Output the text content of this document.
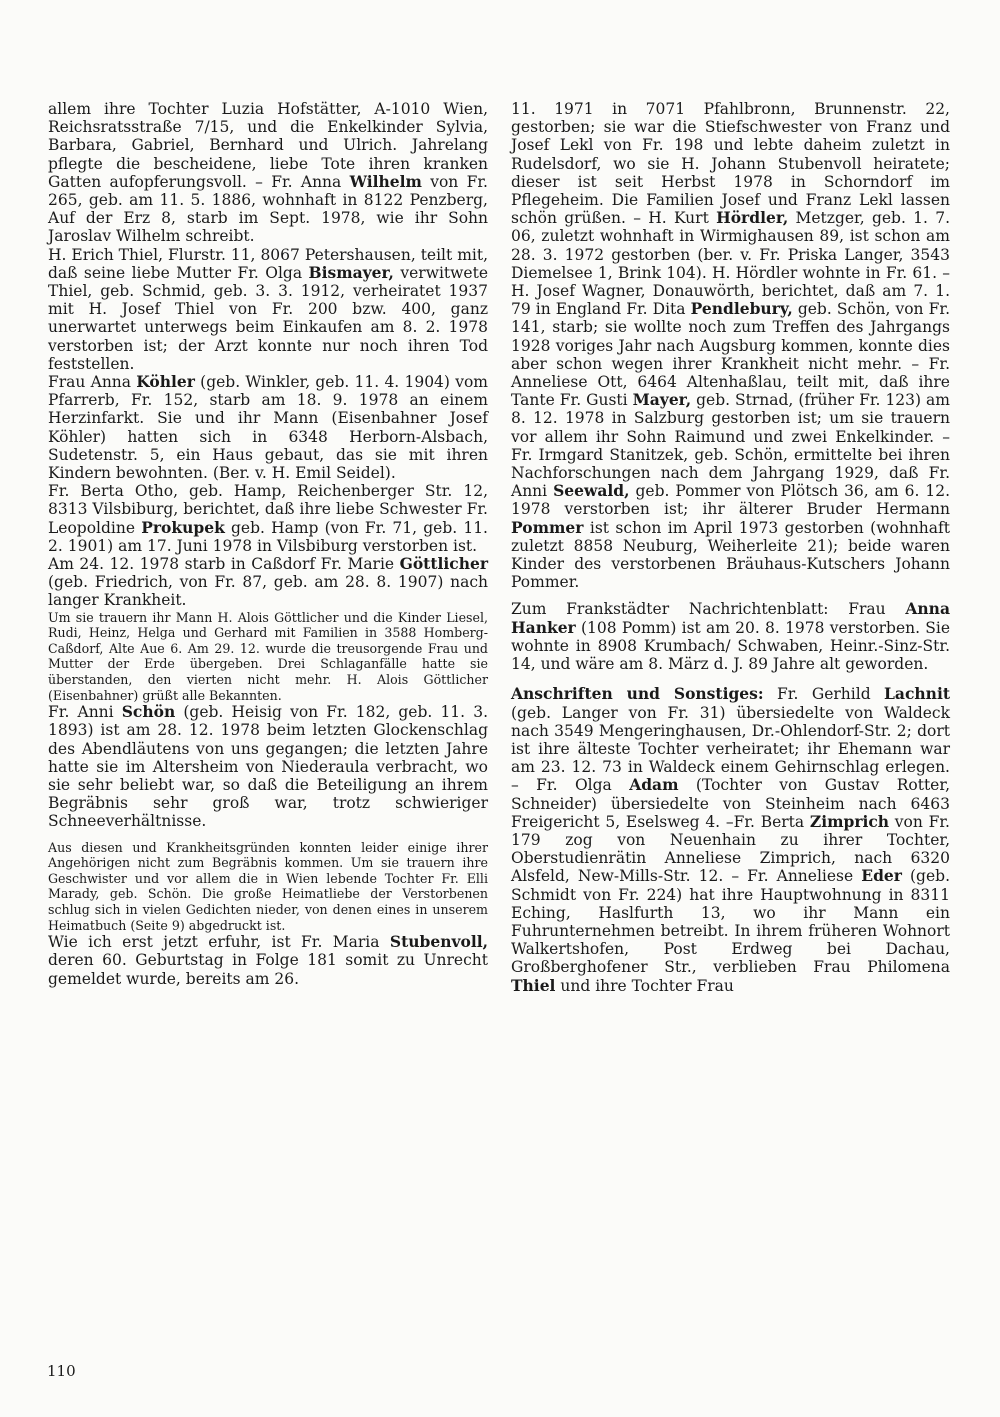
allem ihre Tochter Luzia Hofstätter, A-1010 Wien, Reichsratsstraße 7/15, und die Enkelkinder Sylvia, Barbara, Gabriel, Bernhard und Ulrich. Jahrelang pflegte die bescheidene, liebe Tote ihren kranken Gatten aufopferungsvoll. – Fr. Anna Wilhelm von Fr. 265, geb. am 11. 5. 1886, wohnhaft in 8122 Penzberg, Auf der Erz 8, starb im Sept. 1978, wie ihr Sohn Jaroslav Wilhelm schreibt.

H. Erich Thiel, Flurstr. 11, 8067 Petershausen, teilt mit, daß seine liebe Mutter Fr. Olga Bismayer, verwitwete Thiel, geb. Schmid, geb. 3. 3. 1912, verheiratet 1937 mit H. Josef Thiel von Fr. 200 bzw. 400, ganz unerwartet unterwegs beim Einkaufen am 8. 2. 1978 verstorben ist; der Arzt konnte nur noch ihren Tod feststellen.

Frau Anna Köhler (geb. Winkler, geb. 11. 4. 1904) vom Pfarrerb, Fr. 152, starb am 18. 9. 1978 an einem Herzinfarkt. Sie und ihr Mann (Eisenbahner Josef Köhler) hatten sich in 6348 Herborn-Alsbach, Sudetenstr. 5, ein Haus gebaut, das sie mit ihren Kindern bewohnten. (Ber. v. H. Emil Seidel).

Fr. Berta Otho, geb. Hamp, Reichenberger Str. 12, 8313 Vilsbiburg, berichtet, daß ihre liebe Schwester Fr. Leopoldine Prokupek geb. Hamp (von Fr. 71, geb. 11. 2. 1901) am 17. Juni 1978 in Vilsbiburg verstorben ist.

Am 24. 12. 1978 starb in Caßdorf Fr. Marie Göttlicher (geb. Friedrich, von Fr. 87, geb. am 28. 8. 1907) nach langer Krankheit.

Um sie trauern ihr Mann H. Alois Göttlicher und die Kinder Liesel, Rudi, Heinz, Helga und Gerhard mit Familien in 3588 Homberg-Caßdorf, Alte Aue 6. Am 29. 12. wurde die treusorgende Frau und Mutter der Erde übergeben. Drei Schlaganfälle hatte sie überstanden, den vierten nicht mehr. H. Alois Göttlicher (Eisenbahner) grüßt alle Bekannten.

Fr. Anni Schön (geb. Heisig von Fr. 182, geb. 11. 3. 1893) ist am 28. 12. 1978 beim letzten Glockenschlag des Abendläutens von uns gegangen; die letzten Jahre hatte sie im Altersheim von Niederaula verbracht, wo sie sehr beliebt war, so daß die Beteiligung an ihrem Begräbnis sehr groß war, trotz schwieriger Schneeverhältnisse.

Aus diesen und Krankheitsgründen konnten leider einige ihrer Angehörigen nicht zum Begräbnis kommen. Um sie trauern ihre Geschwister und vor allem die in Wien lebende Tochter Fr. Elli Marady, geb. Schön. Die große Heimatliebe der Verstorbenen schlug sich in vielen Gedichten nieder, von denen eines in unserem Heimatbuch (Seite 9) abgedruckt ist.

Wie ich erst jetzt erfuhr, ist Fr. Maria Stubenvoll, deren 60. Geburtstag in Folge 181 somit zu Unrecht gemeldet wurde, bereits am 26.

11. 1971 in 7071 Pfahlbronn, Brunnenstr. 22, gestorben; sie war die Stiefschwester von Franz und Josef Lekl von Fr. 198 und lebte daheim zuletzt in Rudelsdorf, wo sie H. Johann Stubenvoll heiratete; dieser ist seit Herbst 1978 in Schorndorf im Pflegeheim. Die Familien Josef und Franz Lekl lassen schön grüßen. – H. Kurt Hördler, Metzger, geb. 1. 7. 06, zuletzt wohnhaft in Wirmighausen 89, ist schon am 28. 3. 1972 gestorben (ber. v. Fr. Priska Langer, 3543 Diemelsee 1, Brink 104). H. Hördler wohnte in Fr. 61. – H. Josef Wagner, Donauwörth, berichtet, daß am 7. 1. 79 in England Fr. Dita Pendlebury, geb. Schön, von Fr. 141, starb; sie wollte noch zum Treffen des Jahrgangs 1928 voriges Jahr nach Augsburg kommen, konnte dies aber schon wegen ihrer Krankheit nicht mehr. – Fr. Anneliese Ott, 6464 Altenhaßlau, teilt mit, daß ihre Tante Fr. Gusti Mayer, geb. Strnad, (früher Fr. 123) am 8. 12. 1978 in Salzburg gestorben ist; um sie trauern vor allem ihr Sohn Raimund und zwei Enkelkinder. – Fr. Irmgard Stanitzek, geb. Schön, ermittelte bei ihren Nachforschungen nach dem Jahrgang 1929, daß Fr. Anni Seewald, geb. Pommer von Plötsch 36, am 6. 12. 1978 verstorben ist; ihr älterer Bruder Hermann Pommer ist schon im April 1973 gestorben (wohnhaft zuletzt 8858 Neuburg, Weiherleite 21); beide waren Kinder des verstorbenen Bräuhaus-Kutschers Johann Pommer.

Zum Frankstädter Nachrichtenblatt: Frau Anna Hanker (108 Pomm) ist am 20. 8. 1978 verstorben. Sie wohnte in 8908 Krumbach/ Schwaben, Heinr.-Sinz-Str. 14, und wäre am 8. März d. J. 89 Jahre alt geworden.

Anschriften und Sonstiges: Fr. Gerhild Lachnit (geb. Langer von Fr. 31) übersiedelte von Waldeck nach 3549 Mengeringhausen, Dr.-Ohlendorf-Str. 2; dort ist ihre älteste Tochter verheiratet; ihr Ehemann war am 23. 12. 73 in Waldeck einem Gehirnschlag erlegen. – Fr. Olga Adam (Tochter von Gustav Rotter, Schneider) übersiedelte von Steinheim nach 6463 Freigericht 5, Eselsweg 4. –Fr. Berta Zimprich von Fr. 179 zog von Neuenhain zu ihrer Tochter, Oberstudienrätin Anneliese Zimprich, nach 6320 Alsfeld, New-Mills-Str. 12. – Fr. Anneliese Eder (geb. Schmidt von Fr. 224) hat ihre Hauptwohnung in 8311 Eching, Haslfurth 13, wo ihr Mann ein Fuhrunternehmen betreibt. In ihrem früheren Wohnort Walkertshofen, Post Erdweg bei Dachau, Großberghofener Str., verblieben Frau Philomena Thiel und ihre Tochter Frau

110
